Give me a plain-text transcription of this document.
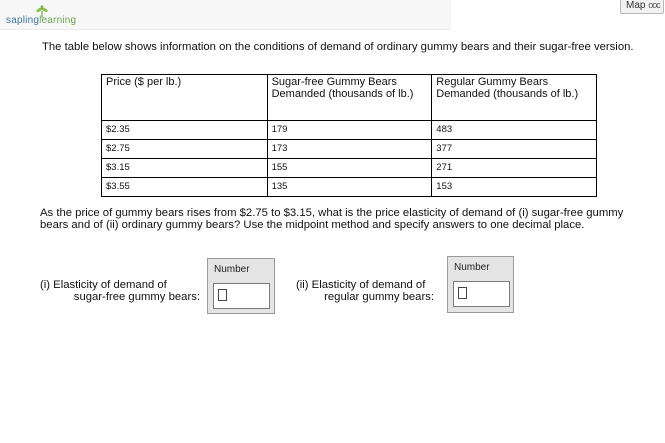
saplinglearning
Map ooc
The table below shows information on the conditions of demand of ordinary gummy bears and their sugar-free version.
Price ($ per lb.)	Sugar-free Gummy Bears Demanded (thousands of lb.)	Regular Gummy Bears Demanded (thousands of lb.)
$2.35	179	483
$2.75	173	377
$3.15	155	271
$3.55	135	153
As the price of gummy bears rises from $2.75 to $3.15, what is the price elasticity of demand of (i) sugar-free gummy bears and of (ii) ordinary gummy bears? Use the midpoint method and specify answers to one decimal place.
(i) Elasticity of demand of
sugar-free gummy bears:
Number
(ii) Elasticity of demand of
regular gummy bears:
Number
